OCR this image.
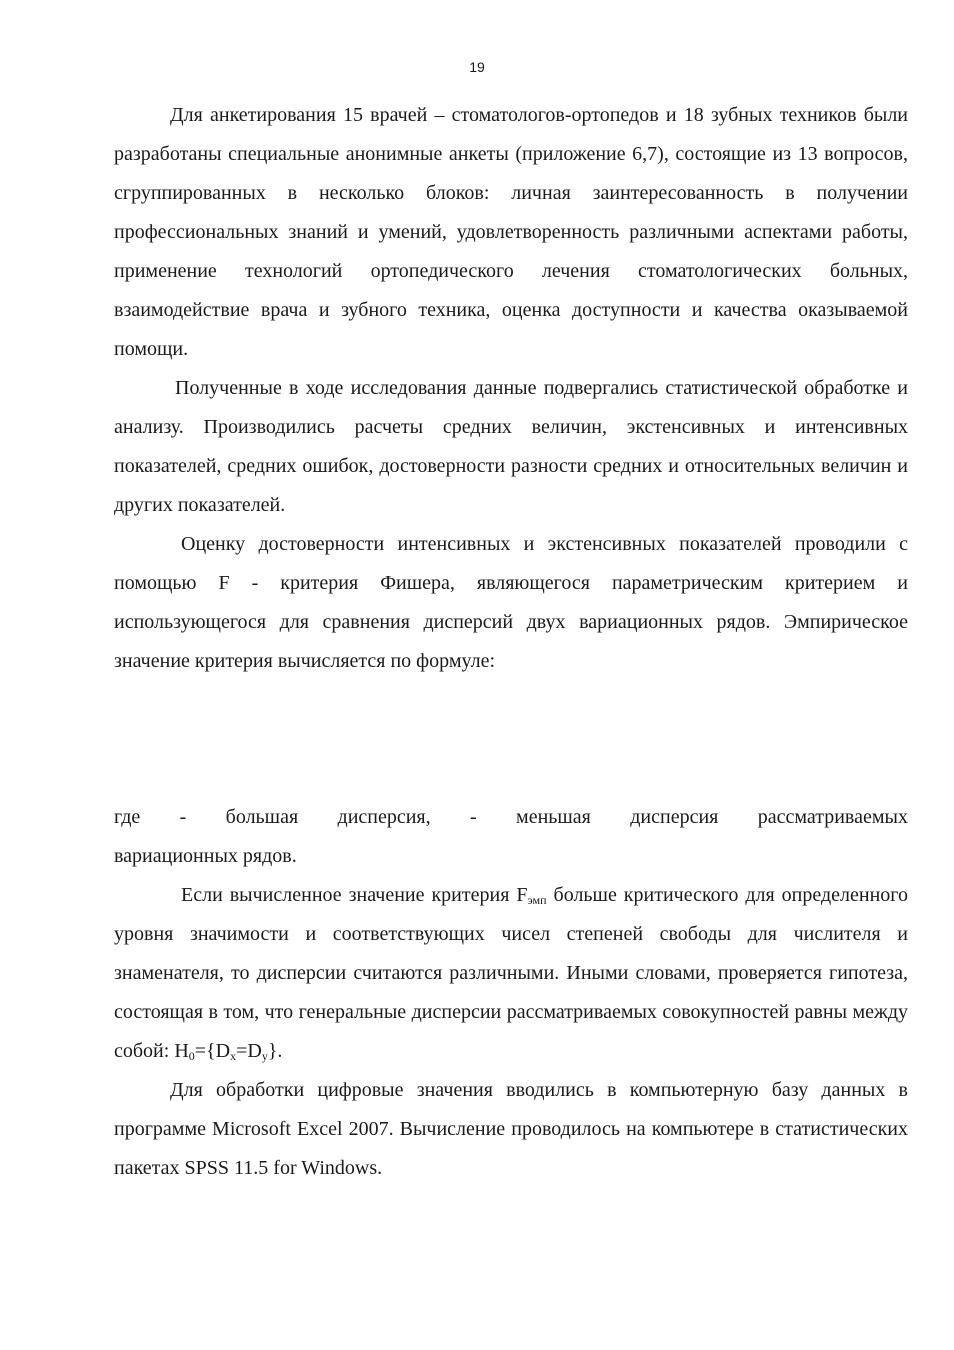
19

Для анкетирования 15 врачей – стоматологов-ортопедов и 18 зубных техников были разработаны специальные анонимные анкеты (приложение 6,7), состоящие из 13 вопросов, сгруппированных в несколько блоков: личная заинтересованность в получении профессиональных знаний и умений, удовлетворенность различными аспектами работы, применение технологий ортопедического лечения стоматологических больных, взаимодействие врача и зубного техника, оценка доступности и качества оказываемой помощи.

Полученные в ходе исследования данные подвергались статистической обработке и анализу. Производились расчеты средних величин, экстенсивных и интенсивных показателей, средних ошибок, достоверности разности средних и относительных величин и других показателей.

Оценку достоверности интенсивных и экстенсивных показателей проводили с помощью F - критерия Фишера, являющегося параметрическим критерием и использующегося для сравнения дисперсий двух вариационных рядов. Эмпирическое значение критерия вычисляется по формуле:

где - большая дисперсия, - меньшая дисперсия рассматриваемых

вариационных рядов.

Если вычисленное значение критерия $F_{эмп}$ больше критического для определенного уровня значимости и соответствующих чисел степеней свободы для числителя и знаменателя, то дисперсии считаются различными. Иными словами, проверяется гипотеза, состоящая в том, что генеральные дисперсии рассматриваемых совокупностей равны между собой: $H_0=\{D_x=D_y\}$.

Для обработки цифровые значения вводились в компьютерную базу данных в программе Microsoft Excel 2007. Вычисление проводилось на компьютере в статистических пакетах SPSS 11.5 for Windows.
